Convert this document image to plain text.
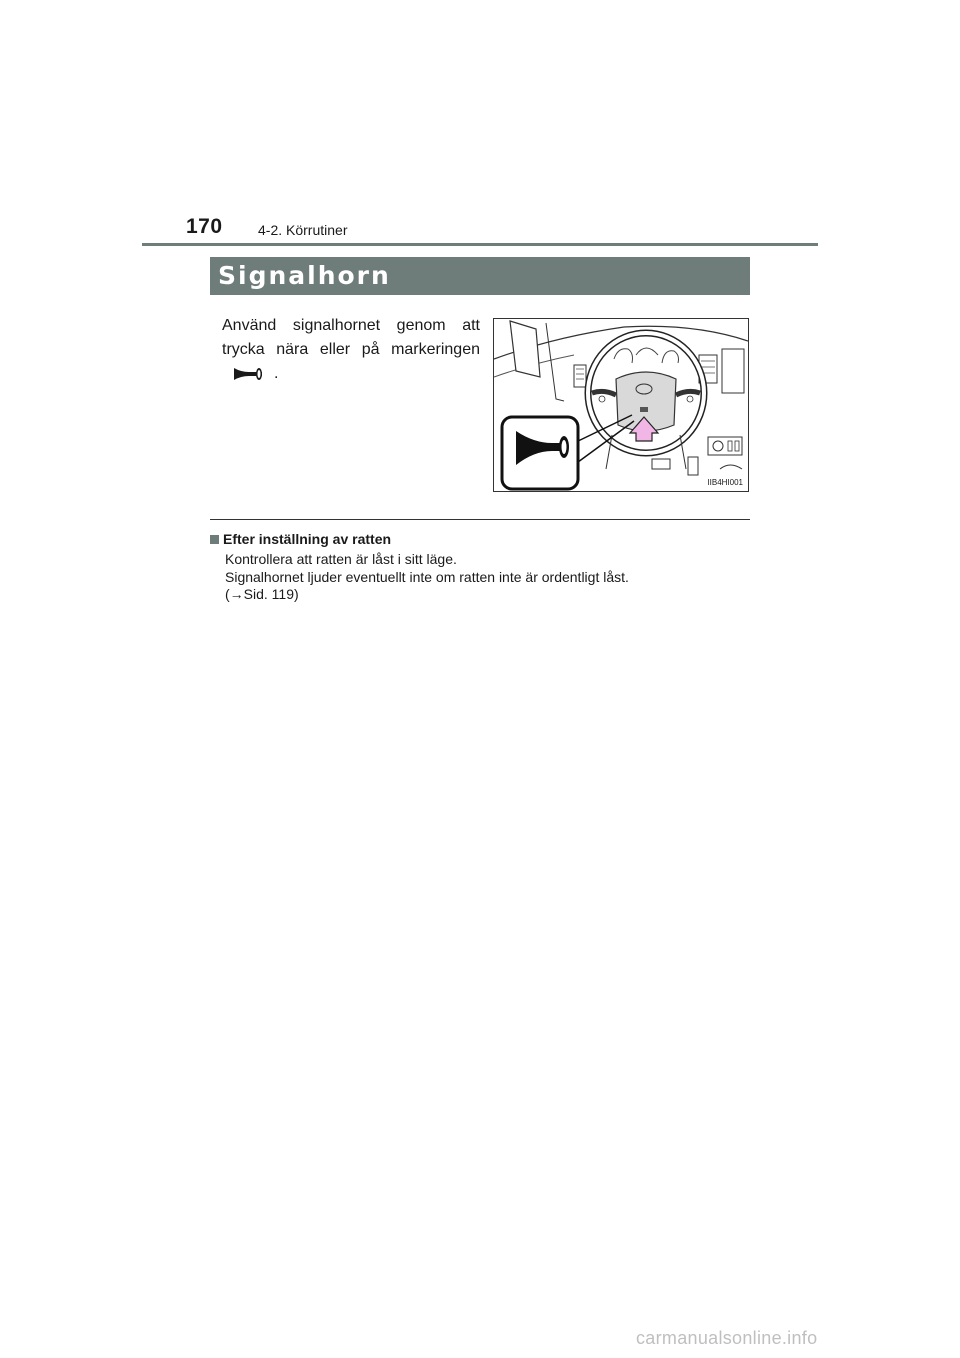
170	4-2. Körrutiner
Signalhorn
Använd signalhornet genom att
trycka nära eller på markeringen
.
IIB4HI001
Efter inställning av ratten
Kontrollera att ratten är låst i sitt läge.
Signalhornet ljuder eventuellt inte om ratten inte är ordentligt låst.
(→Sid. 119)
carmanualsonline.info
